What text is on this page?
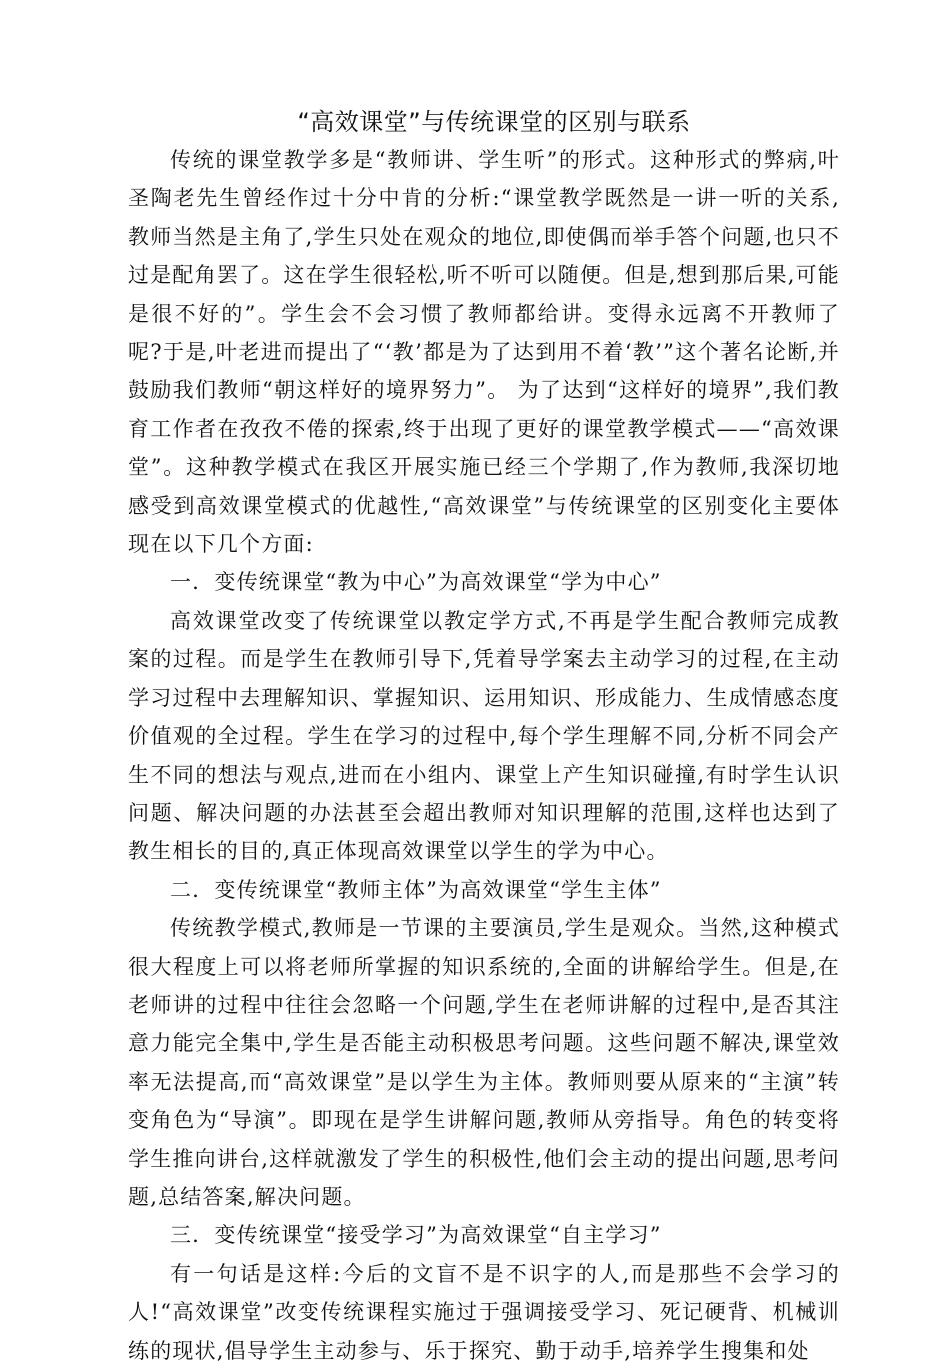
“高效课堂”与传统课堂的区别与联系

传统的课堂教学多是“教师讲、学生听”的形式。这种形式的弊病,叶圣陶老先生曾经作过十分中肯的分析:“课堂教学既然是一讲一听的关系,教师当然是主角了,学生只处在观众的地位,即使偶而举手答个问题,也只不过是配角罢了。这在学生很轻松,听不听可以随便。但是,想到那后果,可能是很不好的”。学生会不会习惯了教师都给讲。变得永远离不开教师了呢?于是,叶老进而提出了“‘教’都是为了达到用不着‘教’”这个著名论断,并鼓励我们教师“朝这样好的境界努力”。 为了达到“这样好的境界”,我们教育工作者在孜孜不倦的探索,终于出现了更好的课堂教学模式——“高效课堂”。这种教学模式在我区开展实施已经三个学期了,作为教师,我深切地感受到高效课堂模式的优越性,“高效课堂”与传统课堂的区别变化主要体现在以下几个方面:

一．变传统课堂“教为中心”为高效课堂“学为中心”

高效课堂改变了传统课堂以教定学方式,不再是学生配合教师完成教案的过程。而是学生在教师引导下,凭着导学案去主动学习的过程,在主动学习过程中去理解知识、掌握知识、运用知识、形成能力、生成情感态度价值观的全过程。学生在学习的过程中,每个学生理解不同,分析不同会产生不同的想法与观点,进而在小组内、课堂上产生知识碰撞,有时学生认识问题、解决问题的办法甚至会超出教师对知识理解的范围,这样也达到了教生相长的目的,真正体现高效课堂以学生的学为中心。

二．变传统课堂“教师主体”为高效课堂“学生主体”

传统教学模式,教师是一节课的主要演员,学生是观众。当然,这种模式很大程度上可以将老师所掌握的知识系统的,全面的讲解给学生。但是,在老师讲的过程中往往会忽略一个问题,学生在老师讲解的过程中,是否其注意力能完全集中,学生是否能主动积极思考问题。这些问题不解决,课堂效率无法提高,而“高效课堂”是以学生为主体。教师则要从原来的“主演”转变角色为“导演”。即现在是学生讲解问题,教师从旁指导。角色的转变将学生推向讲台,这样就激发了学生的积极性,他们会主动的提出问题,思考问题,总结答案,解决问题。

三．变传统课堂“接受学习”为高效课堂“自主学习”

有一句话是这样:今后的文盲不是不识字的人,而是那些不会学习的人!“高效课堂”改变传统课程实施过于强调接受学习、死记硬背、机械训练的现状,倡导学生主动参与、乐于探究、勤于动手,培养学生搜集和处
